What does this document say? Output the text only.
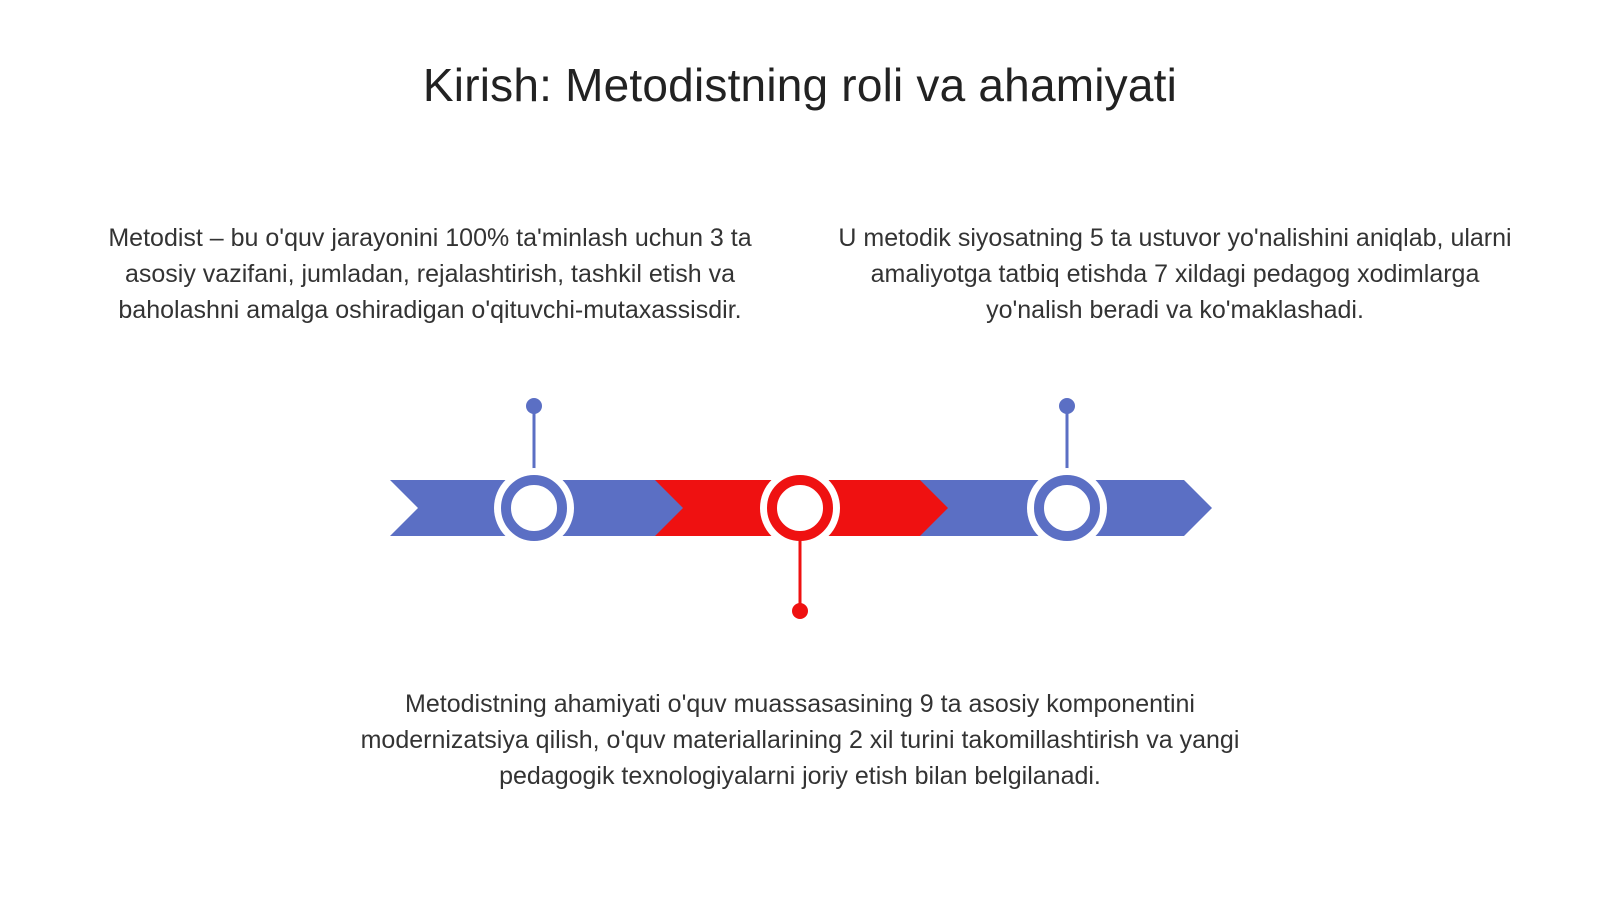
Kirish: Metodistning roli va ahamiyati
Metodist – bu o'quv jarayonini 100% ta'minlash uchun 3 ta asosiy vazifani, jumladan, rejalashtirish, tashkil etish va baholashni amalga oshiradigan o'qituvchi-mutaxassisdir.
U metodik siyosatning 5 ta ustuvor yo'nalishini aniqlab, ularni amaliyotga tatbiq etishda 7 xildagi pedagog xodimlarga yo'nalish beradi va ko'maklashadi.
Metodistning ahamiyati o'quv muassasasining 9 ta asosiy komponentini modernizatsiya qilish, o'quv materiallarining 2 xil turini takomillashtirish va yangi pedagogik texnologiyalarni joriy etish bilan belgilanadi.
